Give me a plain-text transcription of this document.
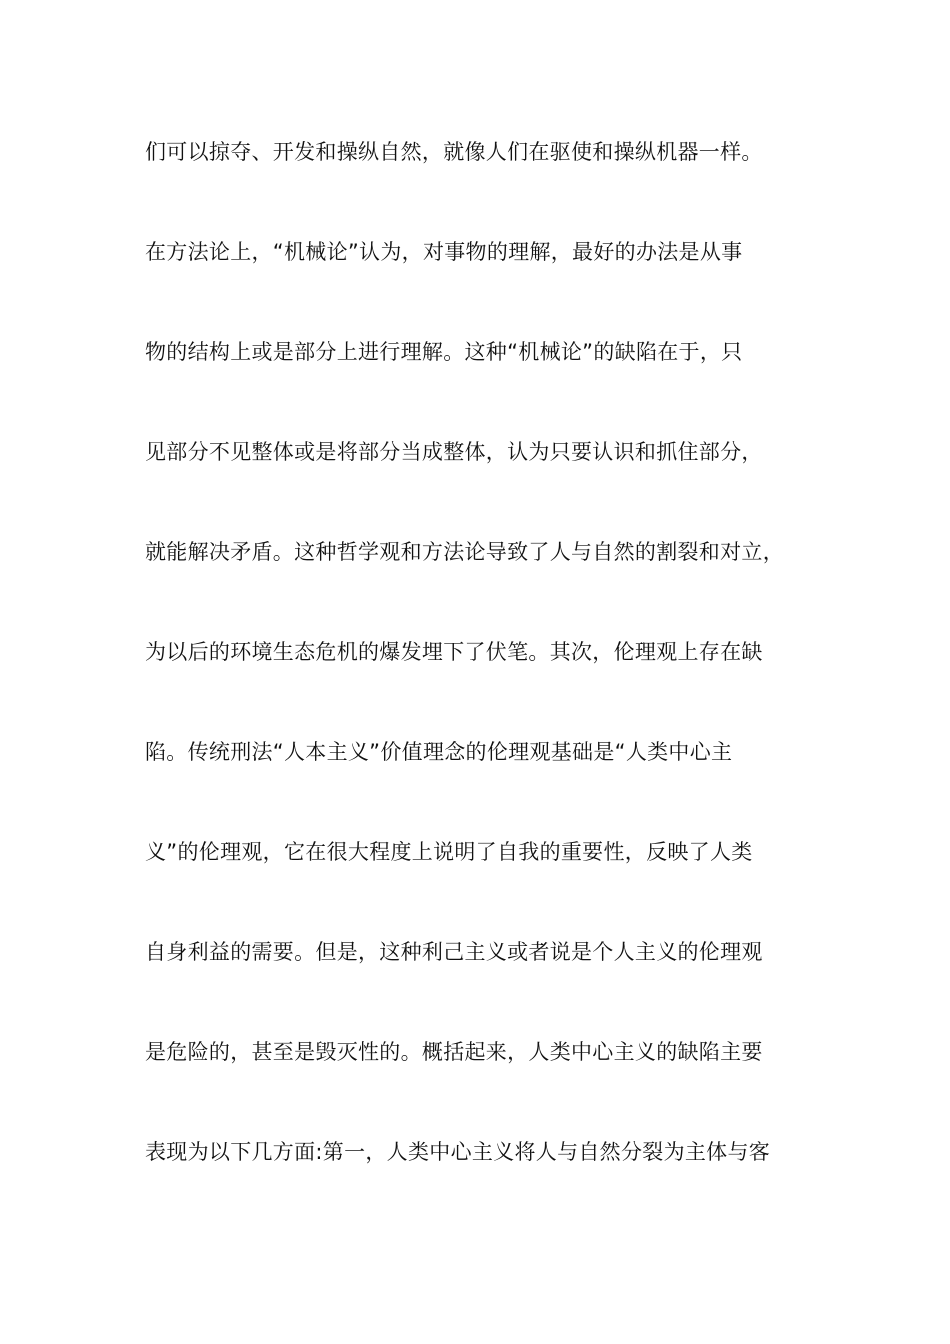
们可以掠夺、开发和操纵自然，就像人们在驱使和操纵机器一样。
在方法论上，“机械论”认为，对事物的理解，最好的办法是从事
物的结构上或是部分上进行理解。这种“机械论”的缺陷在于，只
见部分不见整体或是将部分当成整体，认为只要认识和抓住部分，
就能解决矛盾。这种哲学观和方法论导致了人与自然的割裂和对立，
为以后的环境生态危机的爆发埋下了伏笔。其次，伦理观上存在缺
陷。传统刑法“人本主义”价值理念的伦理观基础是“人类中心主
义”的伦理观，它在很大程度上说明了自我的重要性，反映了人类
自身利益的需要。但是，这种利己主义或者说是个人主义的伦理观
是危险的，甚至是毁灭性的。概括起来，人类中心主义的缺陷主要
表现为以下几方面:第一，人类中心主义将人与自然分裂为主体与客
